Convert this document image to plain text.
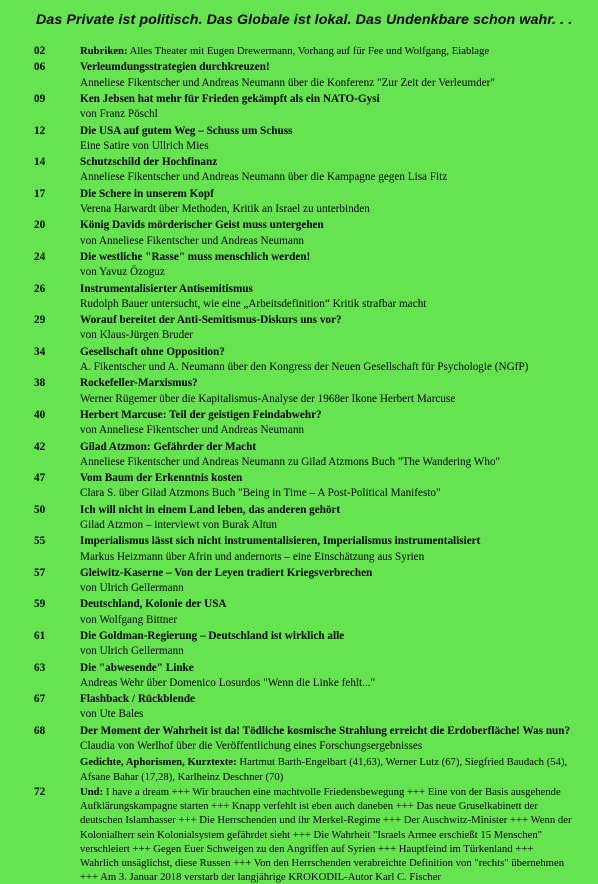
Das Private ist politisch. Das Globale ist lokal. Das Undenkbare schon wahr. . .
02	Rubriken: Alles Theater mit Eugen Drewermann, Vorhang auf für Fee und Wolfgang, Eiablage
06	Verleumdungsstrategien durchkreuzen!
Anneliese Fikentscher und Andreas Neumann über die Konferenz "Zur Zeit der Verleumder"
09	Ken Jebsen hat mehr für Frieden gekämpft als ein NATO-Gysi
von Franz Pöschl
12	Die USA auf gutem Weg – Schuss um Schuss
Eine Satire von Ullrich Mies
14	Schutzschild der Hochfinanz
Anneliese Fikentscher und Andreas Neumann über die Kampagne gegen Lisa Fitz
17	Die Schere in unserem Kopf
Verena Harwardt über Methoden, Kritik an Israel zu unterbinden
20	König Davids mörderischer Geist muss untergehen
von Anneliese Fikentscher und Andreas Neumann
24	Die westliche "Rasse" muss menschlich werden!
von Yavuz Özoguz
26	Instrumentalisierter Antisemitismus
Rudolph Bauer untersucht, wie eine „Arbeitsdefinition“ Kritik strafbar macht
29	Worauf bereitet der Anti-Semitismus-Diskurs uns vor?
von Klaus-Jürgen Bruder
34	Gesellschaft ohne Opposition?
A. Fikentscher und A. Neumann über den Kongress der Neuen Gesellschaft für Psychologie (NGfP)
38	Rockefeller-Marxismus?
Werner Rügemer über die Kapitalismus-Analyse der 1968er Ikone Herbert Marcuse
40	Herbert Marcuse: Teil der geistigen Feindabwehr?
von Anneliese Fikentscher und Andreas Neumann
42	Gilad Atzmon: Gefährder der Macht
Anneliese Fikentscher und Andreas Neumann zu Gilad Atzmons Buch "The Wandering Who"
47	Vom Baum der Erkenntnis kosten
Clara S. über Gilad Atzmons Buch "Being in Time – A Post-Political Manifesto"
50	Ich will nicht in einem Land leben, das anderen gehört
Gilad Atzmon – interviewt von Burak Altun
55	Imperialismus lässt sich nicht instrumentalisieren, Imperialismus instrumentalisiert
Markus Heizmann über Afrin und andernorts – eine Einschätzung aus Syrien
57	Gleiwitz-Kaserne – Von der Leyen tradiert Kriegsverbrechen
von Ulrich Gellermann
59	Deutschland, Kolonie der USA
von Wolfgang Bittner
61	Die Goldman-Regierung – Deutschland ist wirklich alle
von Ulrich Gellermann
63	Die "abwesende" Linke
Andreas Wehr über Domenico Losurdos "Wenn die Linke fehlt..."
67	Flashback / Rückblende
von Ute Bales
68	Der Moment der Wahrheit ist da! Tödliche kosmische Strahlung erreicht die Erdoberfläche! Was nun?
Claudia von Werlhof über die Veröffentlichung eines Forschungsergebnisses
Gedichte, Aphorismen, Kurztexte: Hartmut Barth-Engelbart (41,63), Werner Lutz (67), Siegfried Baudach (54), Afsane Bahar (17,28), Karlheinz Deschner (70)
72	Und: I have a dream +++ Wir brauchen eine machtvolle Friedensbewegung +++ Eine von der Basis ausgehende Aufklärungskampagne starten +++ Knapp verfehlt ist eben auch daneben +++ Das neue Gruselkabinett der deutschen Islamhasser +++ Die Herrschenden und ihr Merkel-Regime +++ Der Auschwitz-Minister +++ Wenn der Kolonialherr sein Kolonialsystem gefährdet sieht +++ Die Wahrheit "Israels Armee erschießt 15 Menschen" verschleiert +++ Gegen Euer Schweigen zu den Angriffen auf Syrien +++ Hauptfeind im Türkenland +++ Wahrlich unsäglichst, diese Russen +++ Von den Herrschenden verabreichte Definition von "rechts" übernehmen +++ Am 3. Januar 2018 verstarb der langjährige KROKODIL-Autor Karl C. Fischer
